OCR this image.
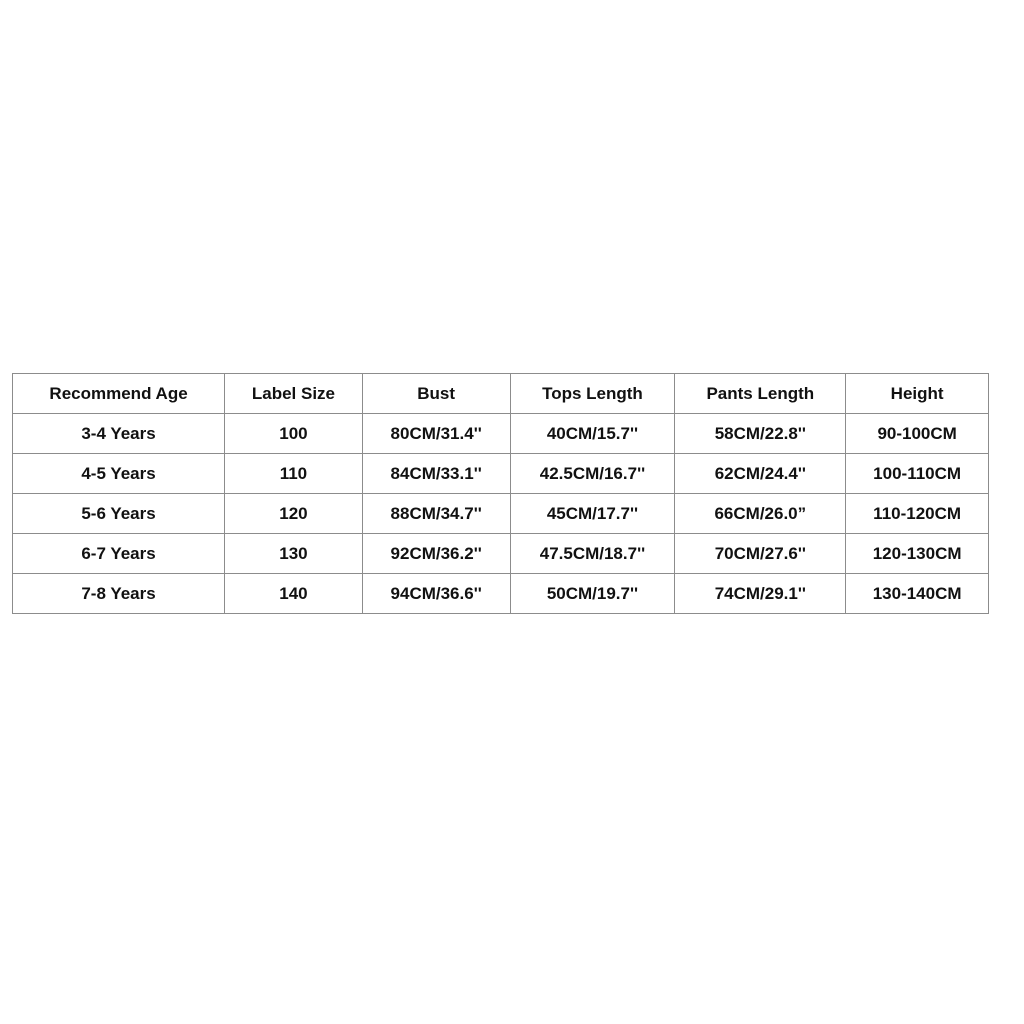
Recommend Age	Label Size	Bust	Tops Length	Pants Length	Height
3-4 Years	100	80CM/31.4''	40CM/15.7''	58CM/22.8''	90-100CM
4-5 Years	110	84CM/33.1''	42.5CM/16.7''	62CM/24.4''	100-110CM
5-6 Years	120	88CM/34.7''	45CM/17.7''	66CM/26.0”	110-120CM
6-7 Years	130	92CM/36.2''	47.5CM/18.7''	70CM/27.6''	120-130CM
7-8 Years	140	94CM/36.6''	50CM/19.7''	74CM/29.1''	130-140CM
